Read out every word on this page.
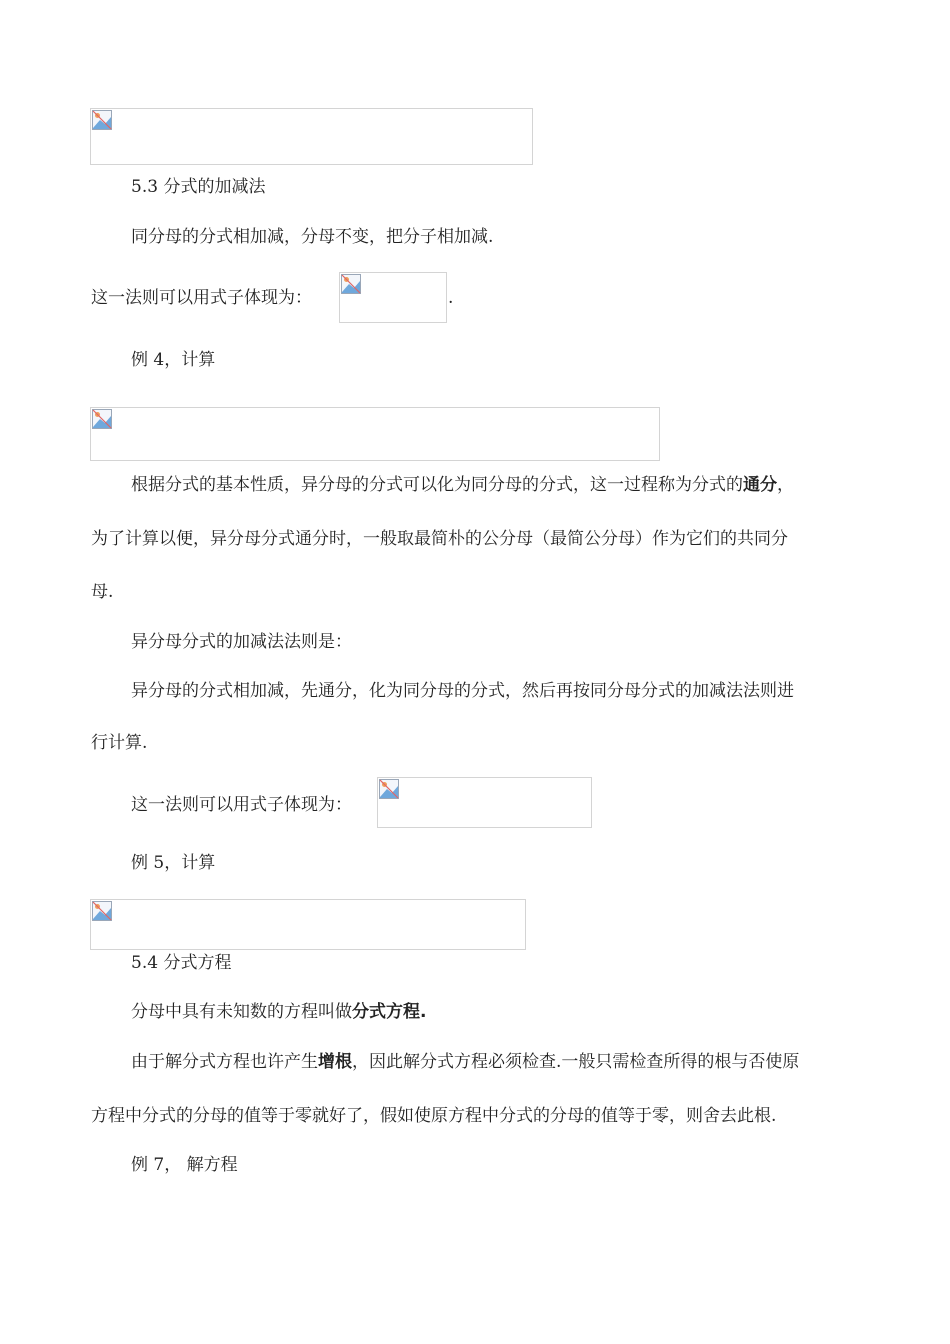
5.3 分式的加减法
同分母的分式相加减，分母不变，把分子相加减.
这一法则可以用式子体现为：	.
例 4，计算
根据分式的基本性质，异分母的分式可以化为同分母的分式，这一过程称为分式的通分，
为了计算以便，异分母分式通分时，一般取最简朴的公分母（最简公分母）作为它们的共同分
母.
异分母分式的加减法法则是：
异分母的分式相加减，先通分，化为同分母的分式，然后再按同分母分式的加减法法则进
行计算.
这一法则可以用式子体现为：
例 5，计算
5.4 分式方程
分母中具有未知数的方程叫做分式方程.
由于解分式方程也许产生增根，因此解分式方程必须检查.一般只需检查所得的根与否使原
方程中分式的分母的值等于零就好了，假如使原方程中分式的分母的值等于零，则舍去此根.
例 7， 解方程
